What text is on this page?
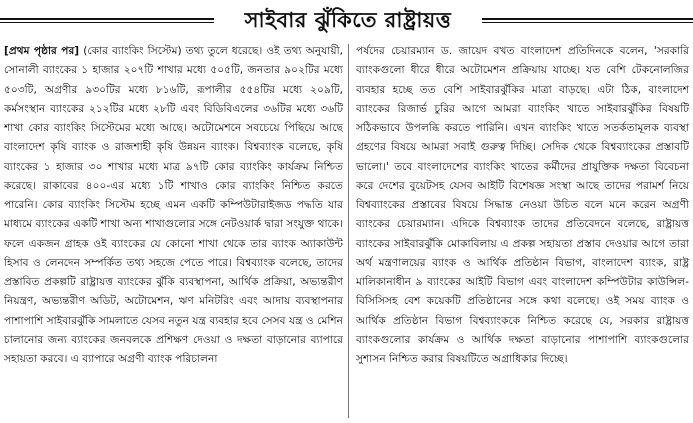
সাইবার ঝুঁকিতে রাষ্ট্রায়ত্ত
[প্রথম পৃষ্ঠার পর] (কোর ব্যাংকিং সিস্টেম) তথ্য তুলে ধরেছে। ওই তথ্য অনুযায়ী, সোনালী ব্যাংকের ১ হাজার ২০৭টি শাখার মধ্যে ৫০৫টি, জনতার ৯০২টির মধ্যে ৫০৩টি, অগ্রণীর ৯৩০টির মধ্যে ৮১৬টি, রূপালীর ৫৫৪টির মধ্যে ২০৯টি, কর্মসংস্থান ব্যাংকের ২১২টির মধ্যে ২৮টি এবং বিডিবিএলের ৩৬টির মধ্যে ৩৬টি শাখা কোর ব্যাংকিং সিস্টেমের মধ্যে আছে। অটোমেশনে সবচেয়ে পিছিয়ে আছে বাংলাদেশ কৃষি ব্যাংক ও রাজশাহী কৃষি উন্নয়ন ব্যাংক। বিশ্বব্যাংক বলেছে, কৃষি ব্যাংকের ১ হাজার ৩০ শাখার মধ্যে মাত্র ৯৭টি কোর ব্যাংকিং কার্যক্রম নিশ্চিত করেছে। রাকাবের ৪০০-এর মধ্যে ১টি শাখাও কোর ব্যাংকিং নিশ্চিত করতে পারেনি। কোর ব্যাংকিং সিস্টেম হচ্ছে এমন একটি কম্পিউটারাইজড পদ্ধতি যার মাধ্যমে ব্যাংকের একটি শাখা অন্য শাখাগুলোর সঙ্গে নেটওয়ার্ক দ্বারা সংযুক্ত থাকে। ফলে একজন গ্রাহক ওই ব্যাংকের যে কোনো শাখা থেকে তার ব্যাংক অ্যাকাউন্ট হিসাব ও লেনদেন সম্পর্কিত তথ্য সহজে পেতে পারে। বিশ্বব্যাংক বলেছে, তাদের প্রস্তাবিত প্রকল্পটি রাষ্ট্রায়ত্ত ব্যাংকের ঝুঁকি ব্যবস্থাপনা, আর্থিক প্রক্রিয়া, অভ্যন্তরীণ নিয়ন্ত্রণ, অভ্যন্তরীণ অডিট, অটোমেশন, ঋণ মনিটরিং এবং আদায় ব্যবস্থাপনার পাশাপাশি সাইবারঝুঁকি সামলাতে যেসব নতুন যন্ত্র ব্যবহার হবে সেসব যন্ত্র ও মেশিন চালানোর জন্য ব্যাংকের জনবলকে প্রশিক্ষণ দেওয়া ও দক্ষতা বাড়ানোর ব্যাপারে সহায়তা করবে। এ ব্যাপারে অগ্রণী ব্যাংক পরিচালনা
পর্ষদের চেয়ারম্যান ড. জায়েদ বখত বাংলাদেশ প্রতিদিনকে বলেন, 'সরকারি ব্যাংকগুলো ধীরে ধীরে অটোমেশন প্রক্রিয়ায় যাচ্ছে। যত বেশি টেকনোলজির ব্যবহার হচ্ছে তত বেশি সাইবারঝুঁকির মাত্রা বাড়ছে। এটা ঠিক, বাংলাদেশ ব্যাংকের রিজার্ভ চুরির আগে আমরা ব্যাংকিং খাতে সাইবারঝুঁকির বিষয়টি সঠিকভাবে উপলব্ধি করতে পারিনি। এখন ব্যাংকিং খাতে সতর্কতামূলক ব্যবস্থা গ্রহণের বিষয়ে আমরা সবাই গুরুত্ব দিচ্ছি। সেদিক থেকে বিশ্বব্যাংকের প্রস্তাবটি ভালো।' তবে বাংলাদেশের ব্যাংকিং খাতের কর্মীদের প্রাযুক্তিক দক্ষতা বিবেচনা করে দেশের বুয়েটসহ যেসব আইটি বিশেষজ্ঞ সংস্থা আছে তাদের পরামর্শ নিয়ে বিশ্বব্যাংকের প্রস্তাবের বিষয়ে সিদ্ধান্ত নেওয়া উচিত বলে মনে করেন অগ্রণী ব্যাংকের চেয়ারম্যান। এদিকে বিশ্বব্যাংক তাদের প্রতিবেদনে বলেছে, রাষ্ট্রায়ত্ত ব্যাংকের সাইবারঝুঁকি মোকাবিলায় এ প্রকল্প সহায়তা প্রস্তাব দেওয়ার আগে তারা অর্থ মন্ত্রণালয়ের ব্যাংক ও আর্থিক প্রতিষ্ঠান বিভাগ, বাংলাদেশ ব্যাংক, রাষ্ট্র মালিকানাধীন ৯ ব্যাংকের আইটি বিভাগ এবং বাংলাদেশ কম্পিউটার কাউন্সিল-বিসিসিসহ বেশ কয়েকটি প্রতিষ্ঠানের সঙ্গে কথা বলেছে। ওই সময় ব্যাংক ও আর্থিক প্রতিষ্ঠান বিভাগ বিশ্বব্যাংককে নিশ্চিত করেছে যে, সরকার রাষ্ট্রায়ত্ত ব্যাংকগুলোর কার্যক্রম ও আর্থিক দক্ষতা বাড়ানোর পাশাপাশি ব্যাংকগুলোর সুশাসন নিশ্চিত করার বিষয়টিতে অগ্রাধিকার দিচ্ছে।
